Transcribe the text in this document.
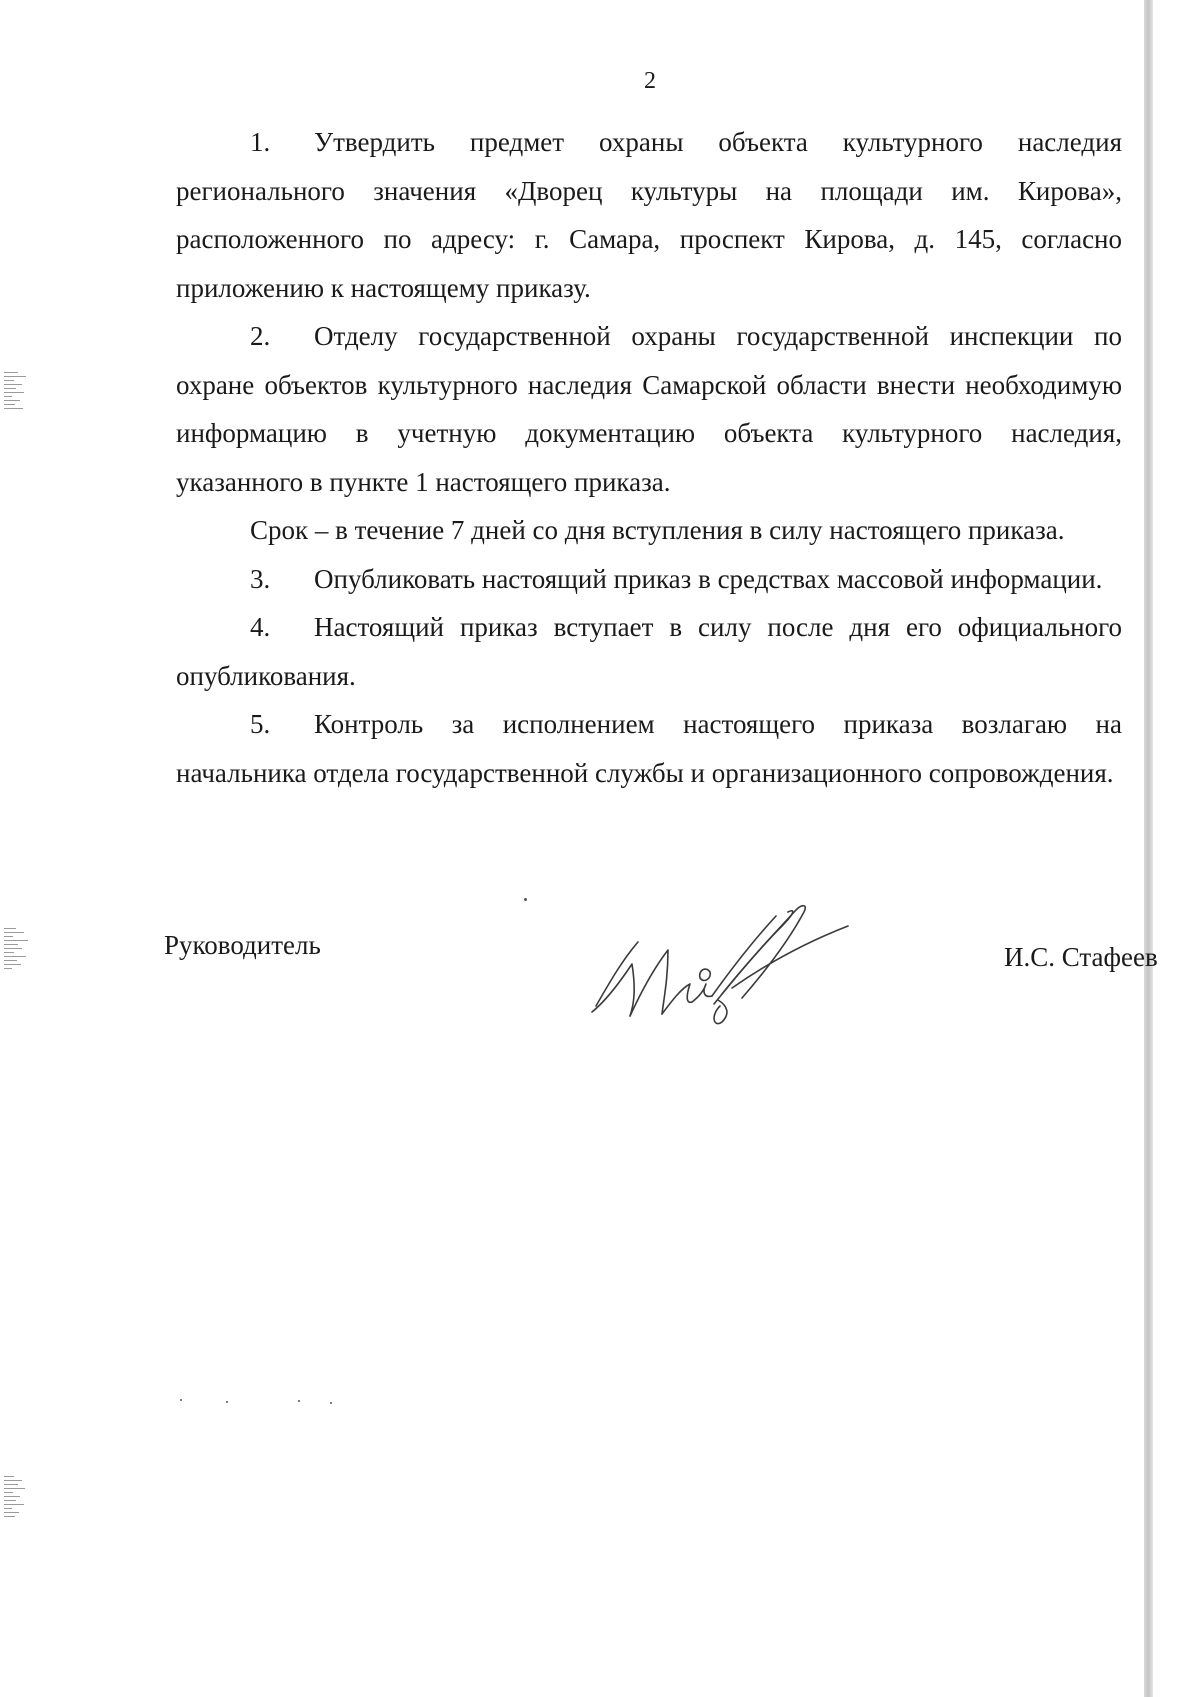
2

1. Утвердить предмет охраны объекта культурного наследия регионального значения «Дворец культуры на площади им. Кирова», расположенного по адресу: г. Самара, проспект Кирова, д. 145, согласно приложению к настоящему приказу.

2. Отделу государственной охраны государственной инспекции по охране объектов культурного наследия Самарской области внести необходимую информацию в учетную документацию объекта культурного наследия, указанного в пункте 1 настоящего приказа.

Срок – в течение 7 дней со дня вступления в силу настоящего приказа.

3. Опубликовать настоящий приказ в средствах массовой информации.

4. Настоящий приказ вступает в силу после дня его официального опубликования.

5. Контроль за исполнением настоящего приказа возлагаю на начальника отдела государственной службы и организационного сопровождения.

Руководитель	И.С. Стафеев
